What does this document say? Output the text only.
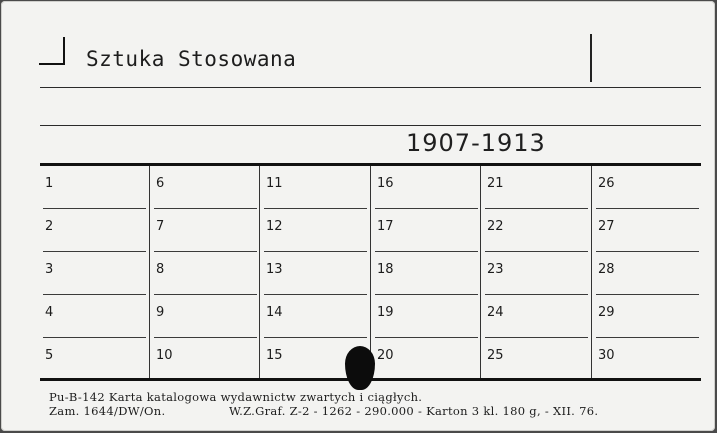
Sztuka Stosowana
1907-1913
1
2
3
4
5
6
7
8
9
10
11
12
13
14
15
16
17
18
19
20
21
22
23
24
25
26
27
28
29
30
Pu-B-142 Karta katalogowa wydawnictw zwartych i ciągłych.
Zam. 1644/DW/On.	W.Z.Graf. Z-2 - 1262 - 290.000 - Karton 3 kl. 180 g, - XII. 76.
